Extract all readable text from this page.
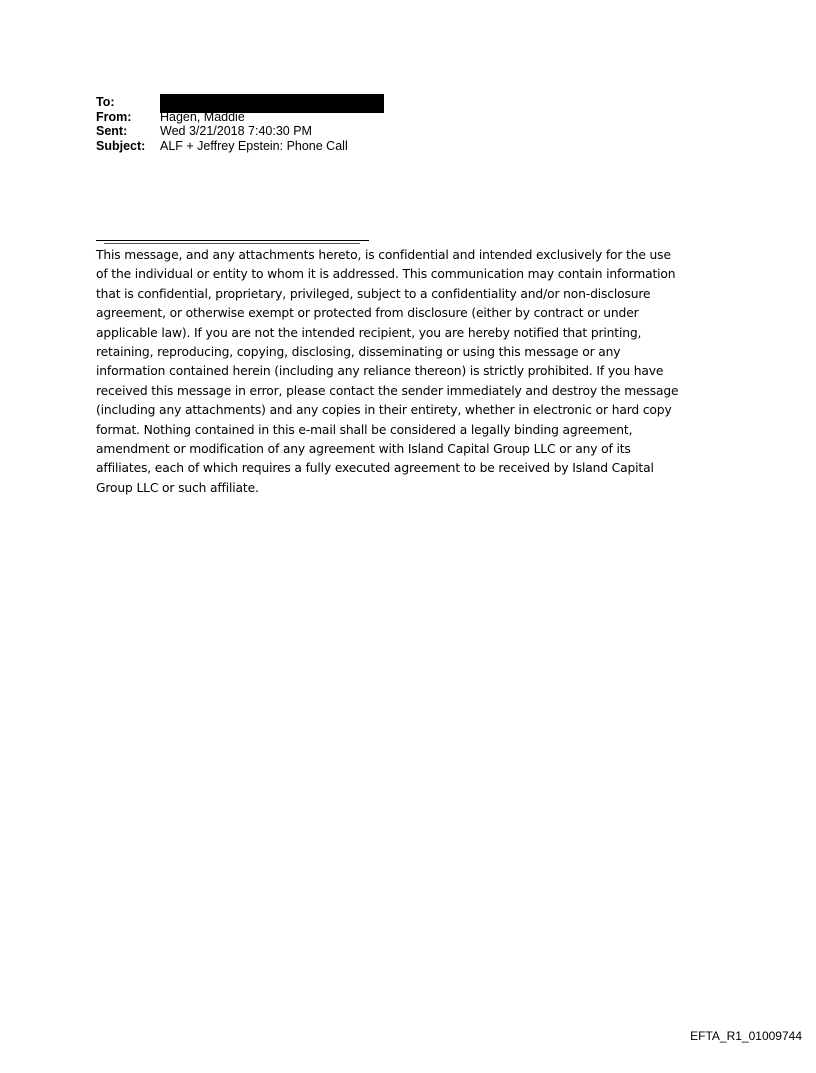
To:
From:	Hagen, Maddie
Sent:	Wed 3/21/2018 7:40:30 PM
Subject:	ALF + Jeffrey Epstein: Phone Call
This message, and any attachments hereto, is confidential and intended exclusively for the use
of the individual or entity to whom it is addressed. This communication may contain information
that is confidential, proprietary, privileged, subject to a confidentiality and/or non-disclosure
agreement, or otherwise exempt or protected from disclosure (either by contract or under
applicable law). If you are not the intended recipient, you are hereby notified that printing,
retaining, reproducing, copying, disclosing, disseminating or using this message or any
information contained herein (including any reliance thereon) is strictly prohibited. If you have
received this message in error, please contact the sender immediately and destroy the message
(including any attachments) and any copies in their entirety, whether in electronic or hard copy
format. Nothing contained in this e-mail shall be considered a legally binding agreement,
amendment or modification of any agreement with Island Capital Group LLC or any of its
affiliates, each of which requires a fully executed agreement to be received by Island Capital
Group LLC or such affiliate.
EFTA_R1_01009744
